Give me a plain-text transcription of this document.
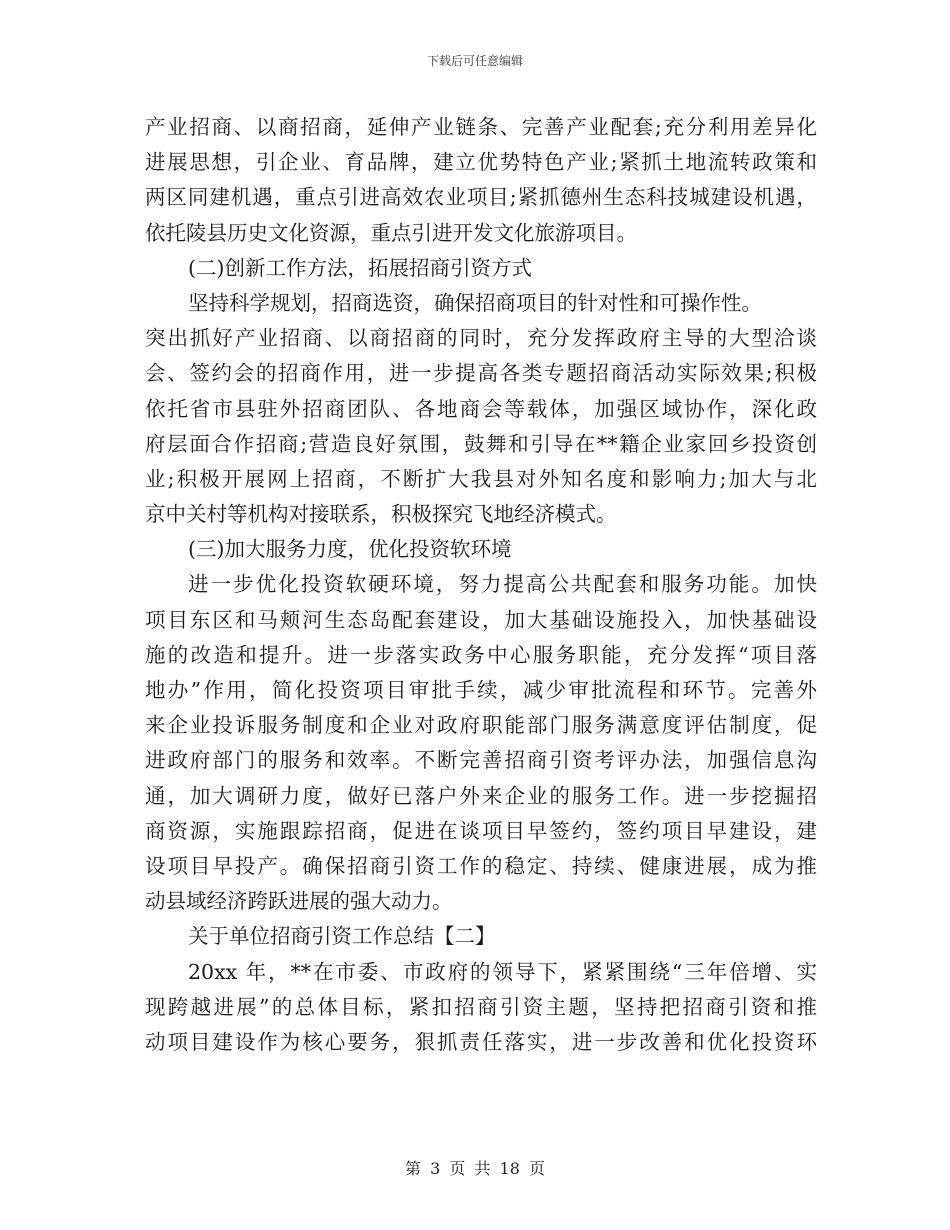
下载后可任意编辑
产业招商、以商招商，延伸产业链条、完善产业配套;充分利用差异化
进展思想，引企业、育品牌，建立优势特色产业;紧抓土地流转政策和
两区同建机遇，重点引进高效农业项目;紧抓德州生态科技城建设机遇，
依托陵县历史文化资源，重点引进开发文化旅游项目。
(二)创新工作方法，拓展招商引资方式
坚持科学规划，招商选资，确保招商项目的针对性和可操作性。
突出抓好产业招商、以商招商的同时，充分发挥政府主导的大型洽谈
会、签约会的招商作用，进一步提高各类专题招商活动实际效果;积极
依托省市县驻外招商团队、各地商会等载体，加强区域协作，深化政
府层面合作招商;营造良好氛围，鼓舞和引导在**籍企业家回乡投资创
业;积极开展网上招商，不断扩大我县对外知名度和影响力;加大与北
京中关村等机构对接联系，积极探究飞地经济模式。
(三)加大服务力度，优化投资软环境
进一步优化投资软硬环境，努力提高公共配套和服务功能。加快
项目东区和马颊河生态岛配套建设，加大基础设施投入，加快基础设
施的改造和提升。进一步落实政务中心服务职能，充分发挥“项目落
地办”作用，简化投资项目审批手续，减少审批流程和环节。完善外
来企业投诉服务制度和企业对政府职能部门服务满意度评估制度，促
进政府部门的服务和效率。不断完善招商引资考评办法，加强信息沟
通，加大调研力度，做好已落户外来企业的服务工作。进一步挖掘招
商资源，实施跟踪招商，促进在谈项目早签约，签约项目早建设，建
设项目早投产。确保招商引资工作的稳定、持续、健康进展，成为推
动县域经济跨跃进展的强大动力。
关于单位招商引资工作总结【二】
20xx 年，**在市委、市政府的领导下，紧紧围绕“三年倍增、实
现跨越进展”的总体目标，紧扣招商引资主题，坚持把招商引资和推
动项目建设作为核心要务，狠抓责任落实，进一步改善和优化投资环
第 3 页 共 18 页
